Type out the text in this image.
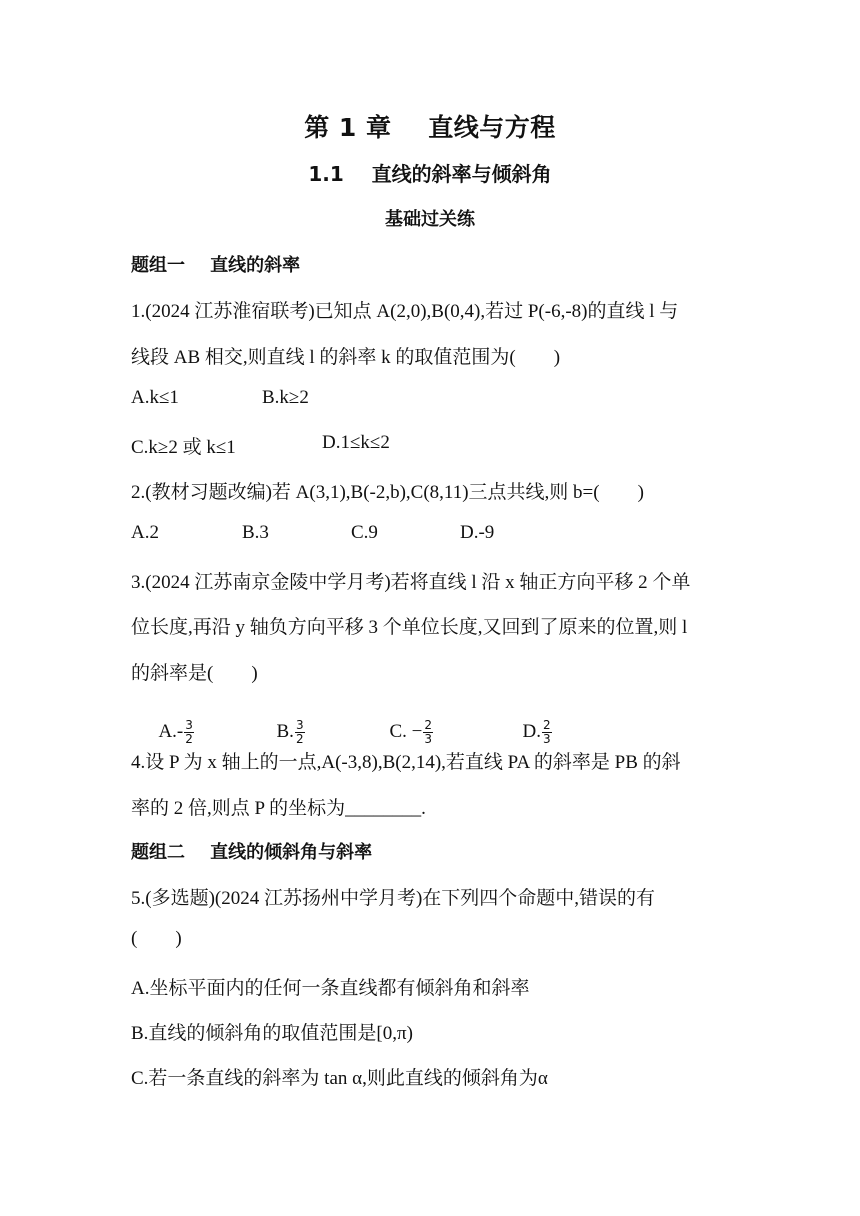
第 1 章    直线与方程
1.1    直线的斜率与倾斜角
基础过关练
题组一    直线的斜率
1.(2024 江苏淮宿联考)已知点 A(2,0),B(0,4),若过 P(-6,-8)的直线 l 与
线段 AB 相交,则直线 l 的斜率 k 的取值范围为(        )
A.k≤1	B.k≥2
C.k≥2 或 k≤1	D.1≤k≤2
2.(教材习题改编)若 A(3,1),B(-2,b),C(8,11)三点共线,则 b=(        )
A.2	B.3	C.9	D.-9
3.(2024 江苏南京金陵中学月考)若将直线 l 沿 x 轴正方向平移 2 个单
位长度,再沿 y 轴负方向平移 3 个单位长度,又回到了原来的位置,则 l
的斜率是(        )

$A.- \frac{3}{2}$

	B. $\frac{3}{2}$

	C. − $\frac{2}{3}$

	D. $\frac{2}{3}$

4.设 P 为 x 轴上的一点,A(-3,8),B(2,14),若直线 PA 的斜率是 PB 的斜
率的 2 倍,则点 P 的坐标为________.
题组二    直线的倾斜角与斜率
5.(多选题)(2024 江苏扬州中学月考)在下列四个命题中,错误的有
(        )
A.坐标平面内的任何一条直线都有倾斜角和斜率
B.直线的倾斜角的取值范围是[0,π)
C.若一条直线的斜率为 tan α,则此直线的倾斜角为α
